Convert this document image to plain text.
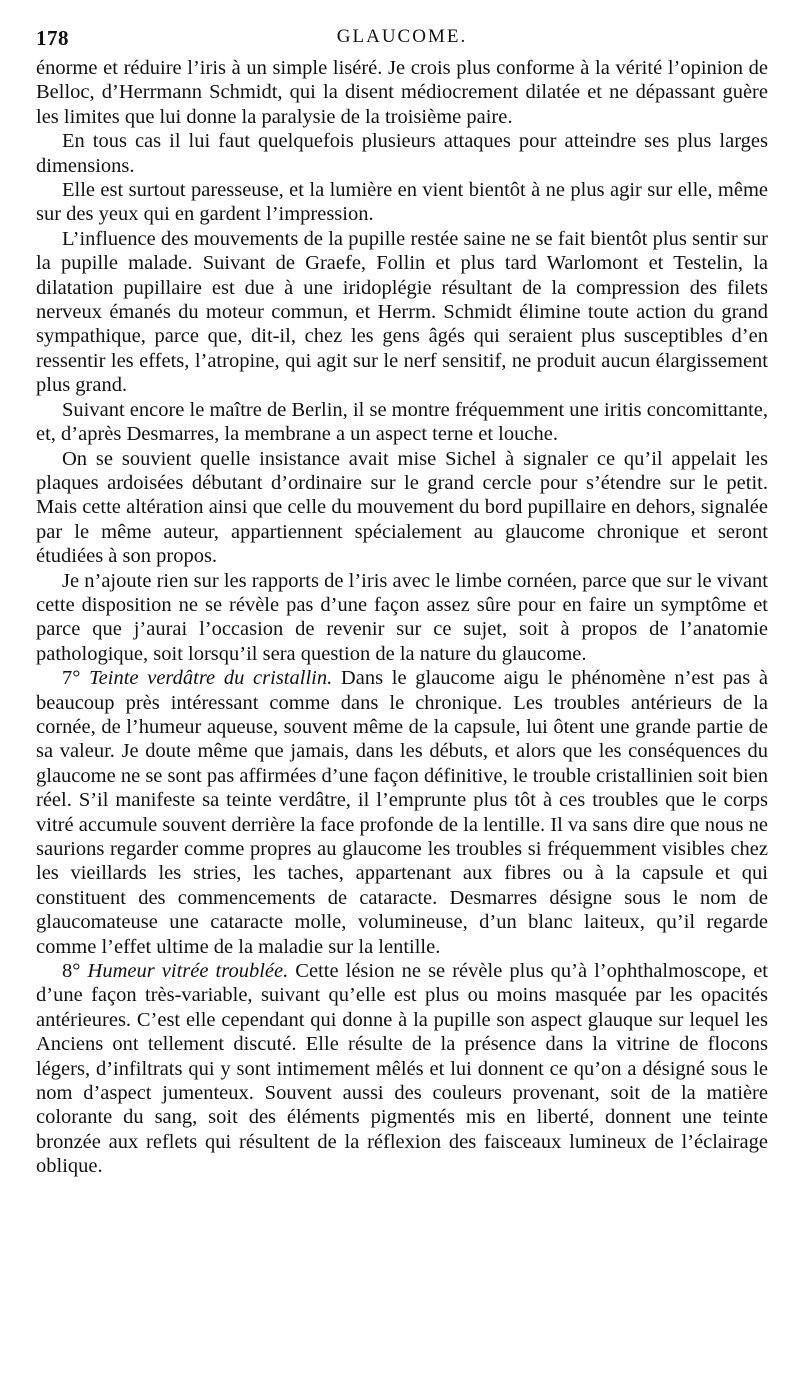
178	GLAUCOME.

énorme et réduire l’iris à un simple liséré. Je crois plus conforme à la vérité l’opinion de Belloc, d’Herrmann Schmidt, qui la disent médiocrement dilatée et ne dépassant guère les limites que lui donne la paralysie de la troisième paire.

En tous cas il lui faut quelquefois plusieurs attaques pour atteindre ses plus larges dimensions.

Elle est surtout paresseuse, et la lumière en vient bientôt à ne plus agir sur elle, même sur des yeux qui en gardent l’impression.

L’influence des mouvements de la pupille restée saine ne se fait bientôt plus sentir sur la pupille malade. Suivant de Graefe, Follin et plus tard Warlomont et Testelin, la dilatation pupillaire est due à une iridoplégie résultant de la compression des filets nerveux émanés du moteur commun, et Herrm. Schmidt élimine toute action du grand sympathique, parce que, dit-il, chez les gens âgés qui seraient plus susceptibles d’en ressentir les effets, l’atropine, qui agit sur le nerf sensitif, ne produit aucun élargissement plus grand.

Suivant encore le maître de Berlin, il se montre fréquemment une iritis concomittante, et, d’après Desmarres, la membrane a un aspect terne et louche.

On se souvient quelle insistance avait mise Sichel à signaler ce qu’il appelait les plaques ardoisées débutant d’ordinaire sur le grand cercle pour s’étendre sur le petit. Mais cette altération ainsi que celle du mouvement du bord pupillaire en dehors, signalée par le même auteur, appartiennent spécialement au glaucome chronique et seront étudiées à son propos.

Je n’ajoute rien sur les rapports de l’iris avec le limbe cornéen, parce que sur le vivant cette disposition ne se révèle pas d’une façon assez sûre pour en faire un symptôme et parce que j’aurai l’occasion de revenir sur ce sujet, soit à propos de l’anatomie pathologique, soit lorsqu’il sera question de la nature du glaucome.

7° Teinte verdâtre du cristallin. Dans le glaucome aigu le phénomène n’est pas à beaucoup près intéressant comme dans le chronique. Les troubles antérieurs de la cornée, de l’humeur aqueuse, souvent même de la capsule, lui ôtent une grande partie de sa valeur. Je doute même que jamais, dans les débuts, et alors que les conséquences du glaucome ne se sont pas affirmées d’une façon définitive, le trouble cristallinien soit bien réel. S’il manifeste sa teinte verdâtre, il l’emprunte plus tôt à ces troubles que le corps vitré accumule souvent derrière la face profonde de la lentille. Il va sans dire que nous ne saurions regarder comme propres au glaucome les troubles si fréquemment visibles chez les vieillards les stries, les taches, appartenant aux fibres ou à la capsule et qui constituent des commencements de cataracte. Desmarres désigne sous le nom de glaucomateuse une cataracte molle, volumineuse, d’un blanc laiteux, qu’il regarde comme l’effet ultime de la maladie sur la lentille.

8° Humeur vitrée troublée. Cette lésion ne se révèle plus qu’à l’ophthalmoscope, et d’une façon très-variable, suivant qu’elle est plus ou moins masquée par les opacités antérieures. C’est elle cependant qui donne à la pupille son aspect glauque sur lequel les Anciens ont tellement discuté. Elle résulte de la présence dans la vitrine de flocons légers, d’infiltrats qui y sont intimement mêlés et lui donnent ce qu’on a désigné sous le nom d’aspect jumenteux. Souvent aussi des couleurs provenant, soit de la matière colorante du sang, soit des éléments pigmentés mis en liberté, donnent une teinte bronzée aux reflets qui résultent de la réflexion des faisceaux lumineux de l’éclairage oblique.
